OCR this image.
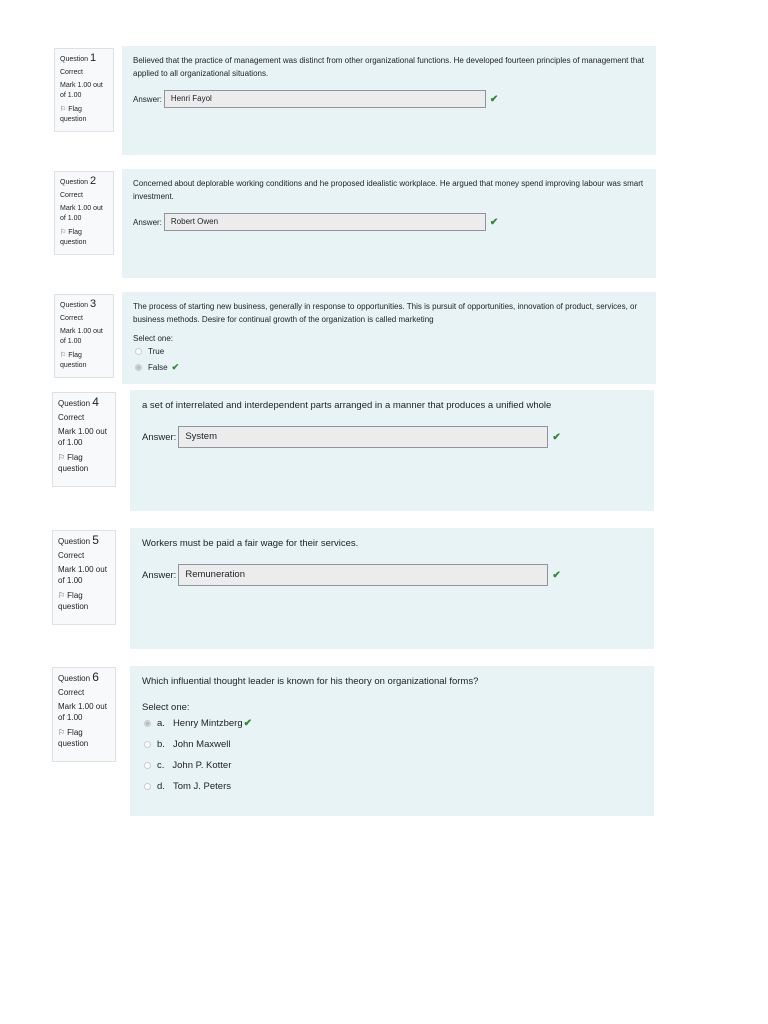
Question 1
Correct
Mark 1.00 out of 1.00
⚐ Flag question
Believed that the practice of management was distinct from other organizational functions. He developed fourteen principles of management that applied to all organizational situations.
Answer:	Henri Fayol	✔
Question 2
Correct
Mark 1.00 out of 1.00
⚐ Flag question
Concerned about deplorable working conditions and he proposed idealistic workplace. He argued that money spend improving labour was smart investment.
Answer:	Robert Owen	✔
Question 3
Correct
Mark 1.00 out of 1.00
⚐ Flag question
The process of starting new business, generally in response to opportunities. This is pursuit of opportunities, innovation of product, services, or business methods. Desire for continual growth of the organization is called marketing
Select one:
True
False ✔
Question 4
Correct
Mark 1.00 out of 1.00
⚐ Flag question
a set of interrelated and interdependent parts arranged in a manner that produces a unified whole
Answer: System	✔
Question 5
Correct
Mark 1.00 out of 1.00
⚐ Flag question
Workers must be paid a fair wage for their services.
Answer: Remuneration	✔
Question 6
Correct
Mark 1.00 out of 1.00
⚐ Flag question
Which influential thought leader is known for his theory on organizational forms?
Select one:
a. Henry Mintzberg ✔
b. John Maxwell
c. John P. Kotter
d. Tom J. Peters
